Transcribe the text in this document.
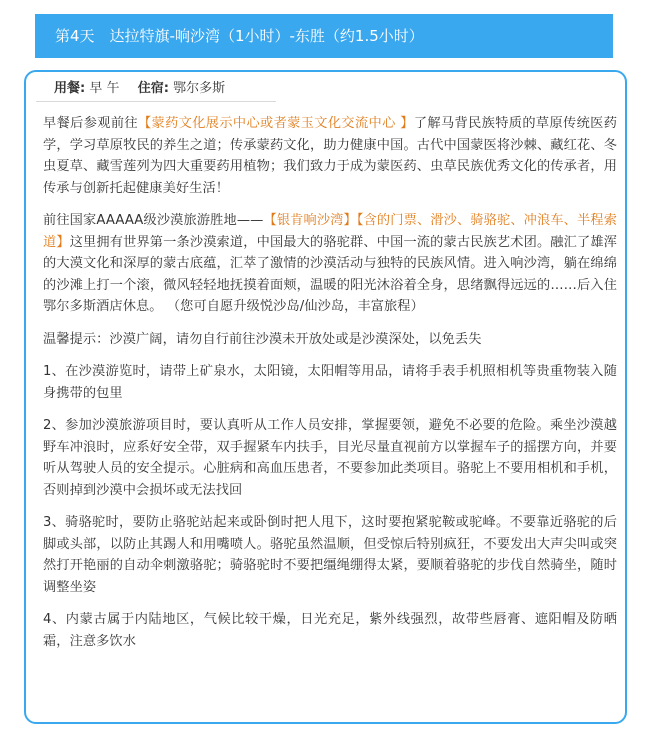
第4天　达拉特旗-响沙湾（1小时）-东胜（约1.5小时）
用餐: 早 午 住宿: 鄂尔多斯

早餐后参观前往【蒙药文化展示中心或者蒙玉文化交流中心 】了解马背民族特质的草原传统医药学，学习草原牧民的养生之道；传承蒙药文化，助力健康中国。古代中国蒙医将沙棘、藏红花、冬虫夏草、藏雪莲列为四大重要药用植物；我们致力于成为蒙医药、虫草民族优秀文化的传承者，用传承与创新托起健康美好生活！

前往国家AAAAA级沙漠旅游胜地——【银肯响沙湾】【含的门票、滑沙、骑骆驼、冲浪车、半程索道】这里拥有世界第一条沙漠索道，中国最大的骆驼群、中国一流的蒙古民族艺术团。融汇了雄浑的大漠文化和深厚的蒙古底蕴，汇萃了激情的沙漠活动与独特的民族风情。进入响沙湾，躺在绵绵的沙滩上打一个滚，微风轻轻地抚摸着面颊，温暖的阳光沐浴着全身，思绪飘得远远的……后入住鄂尔多斯酒店休息。 （您可自愿升级悦沙岛/仙沙岛，丰富旅程）

温馨提示：沙漠广阔，请勿自行前往沙漠未开放处或是沙漠深处，以免丢失

1、在沙漠游览时，请带上矿泉水，太阳镜，太阳帽等用品，请将手表手机照相机等贵重物装入随身携带的包里

2、参加沙漠旅游项目时，要认真听从工作人员安排，掌握要领，避免不必要的危险。乘坐沙漠越野车冲浪时，应系好安全带，双手握紧车内扶手，目光尽量直视前方以掌握车子的摇摆方向，并要听从驾驶人员的安全提示。心脏病和高血压患者，不要参加此类项目。骆驼上不要用相机和手机，否则掉到沙漠中会损坏或无法找回

3、骑骆驼时，要防止骆驼站起来或卧倒时把人甩下，这时要抱紧驼鞍或驼峰。不要靠近骆驼的后脚或头部，以防止其踢人和用嘴喷人。骆驼虽然温顺，但受惊后特别疯狂，不要发出大声尖叫或突然打开艳丽的自动伞刺激骆驼；骑骆驼时不要把缰绳绷得太紧，要顺着骆驼的步伐自然骑坐，随时调整坐姿

4、内蒙古属于内陆地区，气候比较干燥，日光充足，紫外线强烈，故带些唇膏、遮阳帽及防晒霜，注意多饮水
